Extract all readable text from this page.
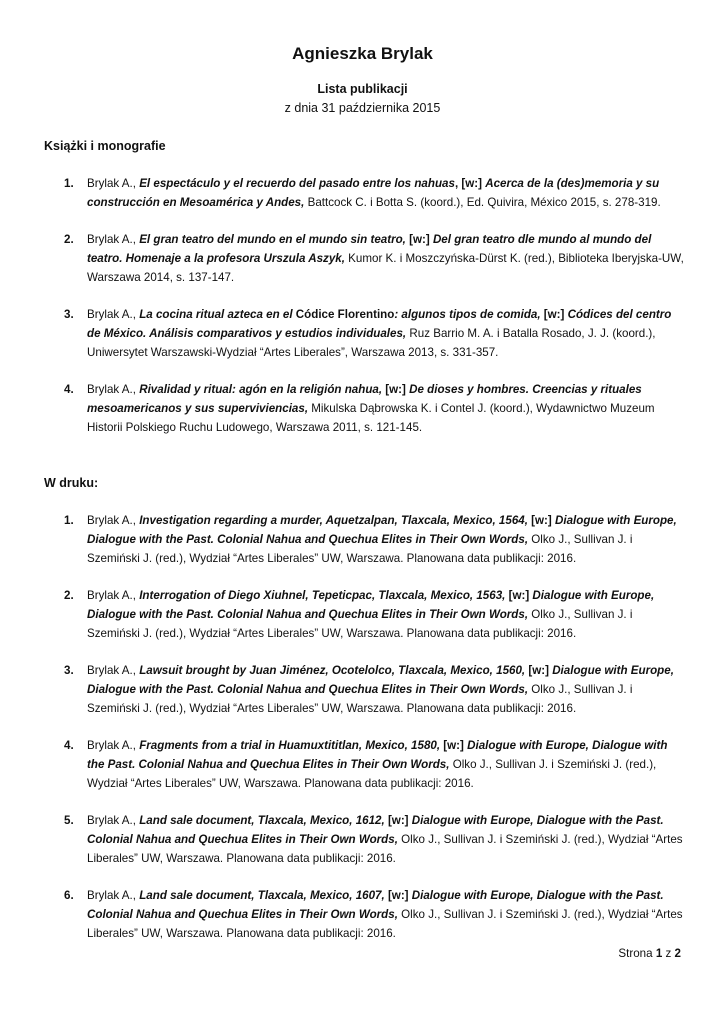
Agnieszka Brylak
Lista publikacji
z dnia 31 października 2015
Książki i monografie
1. Brylak A., El espectáculo y el recuerdo del pasado entre los nahuas, [w:] Acerca de la (des)memoria y su construcción en Mesoamérica y Andes, Battcock C. i Botta S. (koord.), Ed. Quivira, México 2015, s. 278-319.
2. Brylak A., El gran teatro del mundo en el mundo sin teatro, [w:] Del gran teatro dle mundo al mundo del teatro. Homenaje a la profesora Urszula Aszyk, Kumor K. i Moszczyńska-Dürst K. (red.), Biblioteka Iberyjska-UW, Warszawa 2014, s. 137-147.
3. Brylak A., La cocina ritual azteca en el Códice Florentino: algunos tipos de comida, [w:] Códices del centro de México. Análisis comparativos y estudios individuales, Ruz Barrio M. A. i Batalla Rosado, J. J. (koord.), Uniwersytet Warszawski-Wydział “Artes Liberales”, Warszawa 2013, s. 331-357.
4. Brylak A., Rivalidad y ritual: agón en la religión nahua, [w:] De dioses y hombres. Creencias y rituales mesoamericanos y sus superviviencias, Mikulska Dąbrowska K. i Contel J. (koord.), Wydawnictwo Muzeum Historii Polskiego Ruchu Ludowego, Warszawa 2011, s. 121-145.
W druku:
1. Brylak A., Investigation regarding a murder, Aquetzalpan, Tlaxcala, Mexico, 1564, [w:] Dialogue with Europe, Dialogue with the Past. Colonial Nahua and Quechua Elites in Their Own Words, Olko J., Sullivan J. i Szemiński J. (red.), Wydział “Artes Liberales” UW, Warszawa. Planowana data publikacji: 2016.
2. Brylak A., Interrogation of Diego Xiuhnel, Tepeticpac, Tlaxcala, Mexico, 1563, [w:] Dialogue with Europe, Dialogue with the Past. Colonial Nahua and Quechua Elites in Their Own Words, Olko J., Sullivan J. i Szemiński J. (red.), Wydział “Artes Liberales” UW, Warszawa. Planowana data publikacji: 2016.
3. Brylak A., Lawsuit brought by Juan Jiménez, Ocotelolco, Tlaxcala, Mexico, 1560, [w:] Dialogue with Europe, Dialogue with the Past. Colonial Nahua and Quechua Elites in Their Own Words, Olko J., Sullivan J. i Szemiński J. (red.), Wydział “Artes Liberales” UW, Warszawa. Planowana data publikacji: 2016.
4. Brylak A., Fragments from a trial in Huamuxtititlan, Mexico, 1580, [w:] Dialogue with Europe, Dialogue with the Past. Colonial Nahua and Quechua Elites in Their Own Words, Olko J., Sullivan J. i Szemiński J. (red.), Wydział “Artes Liberales” UW, Warszawa. Planowana data publikacji: 2016.
5. Brylak A., Land sale document, Tlaxcala, Mexico, 1612, [w:] Dialogue with Europe, Dialogue with the Past. Colonial Nahua and Quechua Elites in Their Own Words, Olko J., Sullivan J. i Szemiński J. (red.), Wydział “Artes Liberales” UW, Warszawa. Planowana data publikacji: 2016.
6. Brylak A., Land sale document, Tlaxcala, Mexico, 1607, [w:] Dialogue with Europe, Dialogue with the Past. Colonial Nahua and Quechua Elites in Their Own Words, Olko J., Sullivan J. i Szemiński J. (red.), Wydział “Artes Liberales” UW, Warszawa. Planowana data publikacji: 2016.
Strona 1 z 2
